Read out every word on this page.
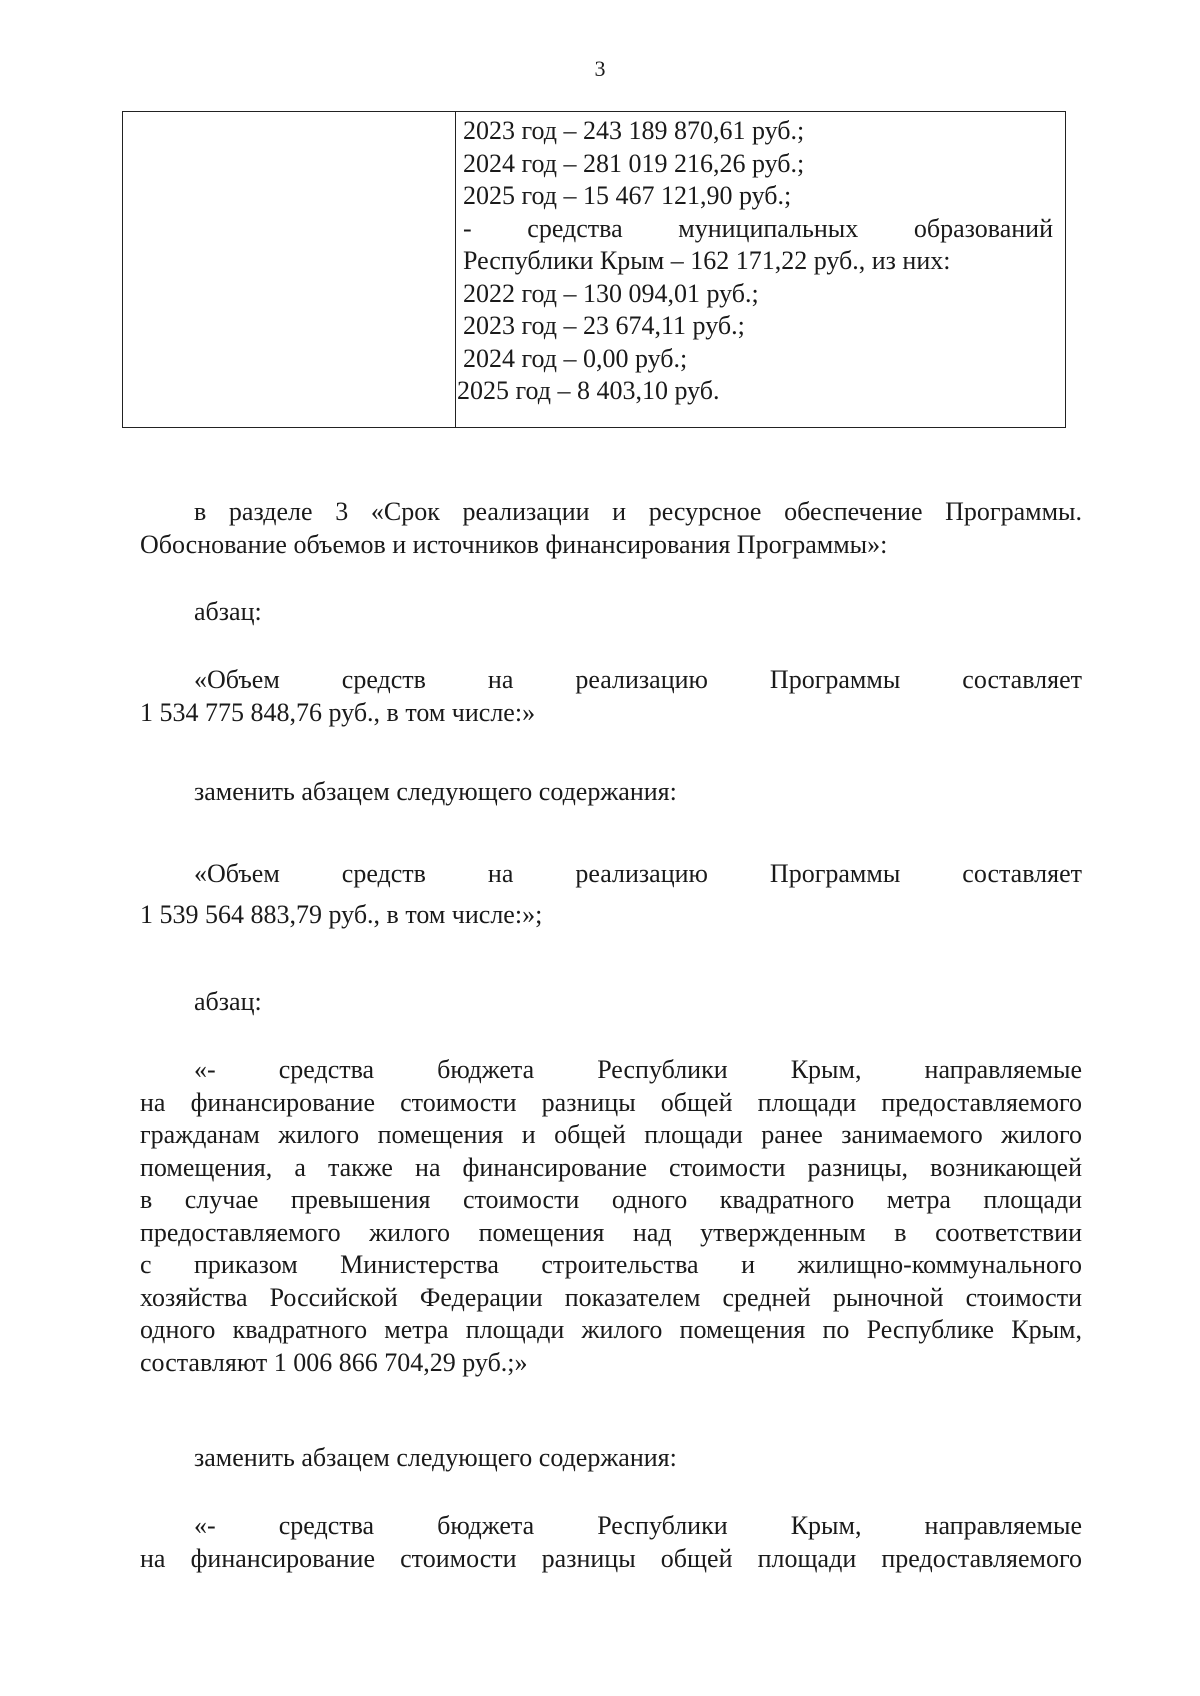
3
2023 год – 243 189 870,61 руб.;
2024 год – 281 019 216,26 руб.;
2025 год – 15 467 121,90 руб.;
- средства муниципальных образований
Республики Крым – 162 171,22 руб., из них:
2022 год – 130 094,01 руб.;
2023 год – 23 674,11 руб.;
2024 год – 0,00 руб.;
2025 год – 8 403,10 руб.
в разделе 3 «Срок реализации и ресурсное обеспечение Программы.
Обоснование объемов и источников финансирования Программы»:
абзац:
«Объем средств на реализацию Программы составляет
1 534 775 848,76 руб., в том числе:»
заменить абзацем следующего содержания:
«Объем средств на реализацию Программы составляет
1 539 564 883,79 руб., в том числе:»;
абзац:
«- средства бюджета Республики Крым, направляемые
на финансирование стоимости разницы общей площади предоставляемого
гражданам жилого помещения и общей площади ранее занимаемого жилого
помещения, а также на финансирование стоимости разницы, возникающей
в случае превышения стоимости одного квадратного метра площади
предоставляемого жилого помещения над утвержденным в соответствии
с приказом Министерства строительства и жилищно-коммунального
хозяйства Российской Федерации показателем средней рыночной стоимости
одного квадратного метра площади жилого помещения по Республике Крым,
составляют 1 006 866 704,29 руб.;»
заменить абзацем следующего содержания:
«- средства бюджета Республики Крым, направляемые
на финансирование стоимости разницы общей площади предоставляемого
